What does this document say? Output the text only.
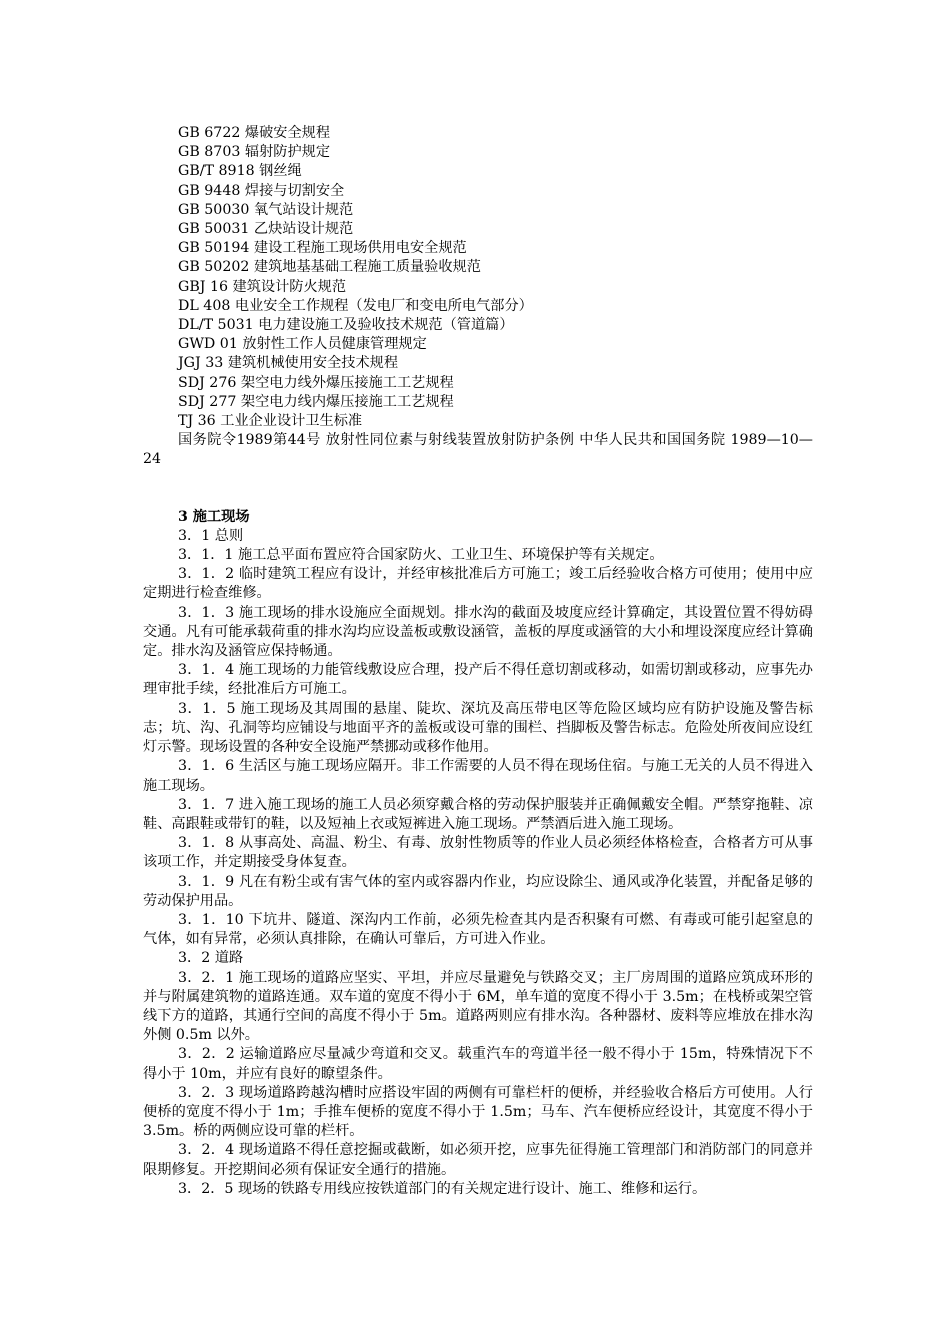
GB 6722 爆破安全规程
GB 8703 辐射防护规定
GB/T 8918 钢丝绳
GB 9448 焊接与切割安全
GB 50030 氧气站设计规范
GB 50031 乙炔站设计规范
GB 50194 建设工程施工现场供用电安全规范
GB 50202 建筑地基基础工程施工质量验收规范
GBJ 16 建筑设计防火规范
DL 408 电业安全工作规程（发电厂和变电所电气部分）
DL/T 5031 电力建设施工及验收技术规范（管道篇）
GWD 01 放射性工作人员健康管理规定
JGJ 33 建筑机械使用安全技术规程
SDJ 276 架空电力线外爆压接施工工艺规程
SDJ 277 架空电力线内爆压接施工工艺规程
TJ 36 工业企业设计卫生标准

国务院令1989第44号 放射性同位素与射线装置放射防护条例 中华人民共和国国务院 1989—10—24

3 施工现场
3．1 总则

3．1．1 施工总平面布置应符合国家防火、工业卫生、环境保护等有关规定。

3．1．2 临时建筑工程应有设计，并经审核批准后方可施工；竣工后经验收合格方可使用；使用中应定期进行检查维修。

3．1．3 施工现场的排水设施应全面规划。排水沟的截面及坡度应经计算确定，其设置位置不得妨碍交通。凡有可能承载荷重的排水沟均应设盖板或敷设涵管，盖板的厚度或涵管的大小和埋设深度应经计算确定。排水沟及涵管应保持畅通。

3．1．4 施工现场的力能管线敷设应合理，投产后不得任意切割或移动，如需切割或移动，应事先办理审批手续，经批准后方可施工。

3．1．5 施工现场及其周围的悬崖、陡坎、深坑及高压带电区等危险区域均应有防护设施及警告标志；坑、沟、孔洞等均应铺设与地面平齐的盖板或设可靠的围栏、挡脚板及警告标志。危险处所夜间应设红灯示警。现场设置的各种安全设施严禁挪动或移作他用。

3．1．6 生活区与施工现场应隔开。非工作需要的人员不得在现场住宿。与施工无关的人员不得进入施工现场。

3．1．7 进入施工现场的施工人员必须穿戴合格的劳动保护服装并正确佩戴安全帽。严禁穿拖鞋、凉鞋、高跟鞋或带钉的鞋，以及短袖上衣或短裤进入施工现场。严禁酒后进入施工现场。

3．1．8 从事高处、高温、粉尘、有毒、放射性物质等的作业人员必须经体格检查，合格者方可从事该项工作，并定期接受身体复查。

3．1．9 凡在有粉尘或有害气体的室内或容器内作业，均应设除尘、通风或净化装置，并配备足够的劳动保护用品。

3．1．10 下坑井、隧道、深沟内工作前，必须先检查其内是否积聚有可燃、有毒或可能引起窒息的气体，如有异常，必须认真排除，在确认可靠后，方可进入作业。

3．2 道路

3．2．1 施工现场的道路应坚实、平坦，并应尽量避免与铁路交叉；主厂房周围的道路应筑成环形的并与附属建筑物的道路连通。双车道的宽度不得小于 6M，单车道的宽度不得小于 3.5m；在栈桥或架空管线下方的道路，其通行空间的高度不得小于 5m。道路两则应有排水沟。各种器材、废料等应堆放在排水沟外侧 0.5m 以外。

3．2．2 运输道路应尽量减少弯道和交叉。载重汽车的弯道半径一般不得小于 15m，特殊情况下不得小于 10m，并应有良好的瞭望条件。

3．2．3 现场道路跨越沟槽时应搭设牢固的两侧有可靠栏杆的便桥，并经验收合格后方可使用。人行便桥的宽度不得小于 1m；手推车便桥的宽度不得小于 1.5m；马车、汽车便桥应经设计，其宽度不得小于 3.5m。桥的两侧应设可靠的栏杆。

3．2．4 现场道路不得任意挖掘或截断，如必须开挖，应事先征得施工管理部门和消防部门的同意并限期修复。开挖期间必须有保证安全通行的措施。

3．2．5 现场的铁路专用线应按铁道部门的有关规定进行设计、施工、维修和运行。
